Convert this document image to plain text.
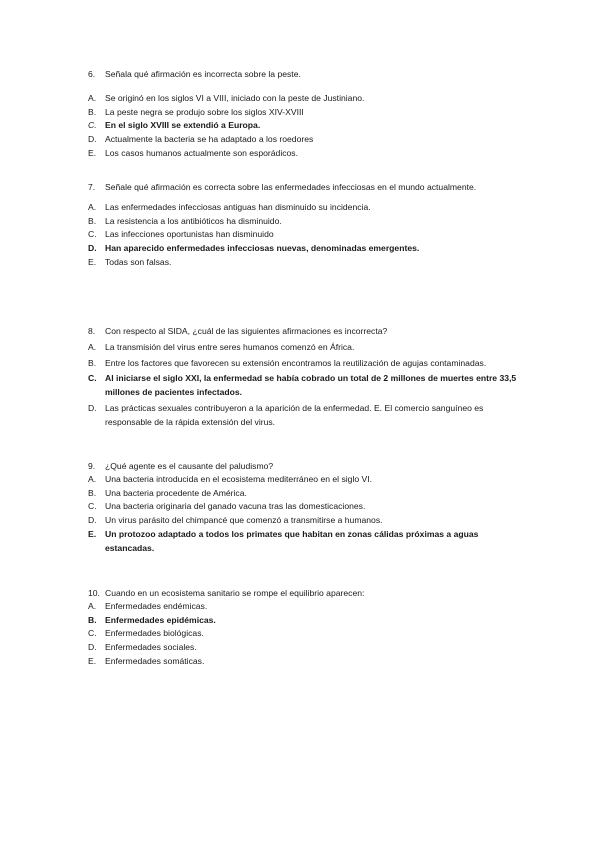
6.	Señala qué afirmación es incorrecta sobre la peste.
A.	Se originó en los siglos VI a VIII, iniciado con la peste de Justiniano.
B.	La peste negra se produjo sobre los siglos XIV-XVIII
C. En el siglo XVIII se extendió a Europa.
D. Actualmente la bacteria se ha adaptado a los roedores
E.	Los casos humanos actualmente son esporádicos.
7.	Señale qué afirmación es correcta sobre las enfermedades infecciosas en el mundo actualmente.
A.	Las enfermedades infecciosas antiguas han disminuido su incidencia.
B.	La resistencia a los antibióticos ha disminuido.
C. Las infecciones oportunistas han disminuido
D. Han aparecido enfermedades infecciosas nuevas, denominadas emergentes.
E.	Todas son falsas.
8.	Con respecto al SIDA, ¿cuál de las siguientes afirmaciones es incorrecta?
A.	La transmisión del virus entre seres humanos comenzó en África.
B.	Entre los factores que favorecen su extensión encontramos la reutilización de agujas contaminadas.
C. Al iniciarse el siglo XXI, la enfermedad se había cobrado un total de 2 millones de muertes entre 33,5 millones de pacientes infectados.
D. Las prácticas sexuales contribuyeron a la aparición de la enfermedad. E. El comercio sanguíneo es responsable de la rápida extensión del virus.
9.	¿Qué agente es el causante del paludismo?
A.	Una bacteria introducida en el ecosistema mediterráneo en el siglo VI.
B.	Una bacteria procedente de América.
C. Una bacteria originaria del ganado vacuna tras las domesticaciones.
D. Un virus parásito del chimpancé que comenzó a transmitirse a humanos.
E.	Un protozoo adaptado a todos los primates que habitan en zonas cálidas próximas a aguas estancadas.
10. Cuando en un ecosistema sanitario se rompe el equilibrio aparecen:
A.	Enfermedades endémicas.
B. Enfermedades epidémicas.
C. Enfermedades biológicas.
D. Enfermedades sociales.
E.	Enfermedades somáticas.
